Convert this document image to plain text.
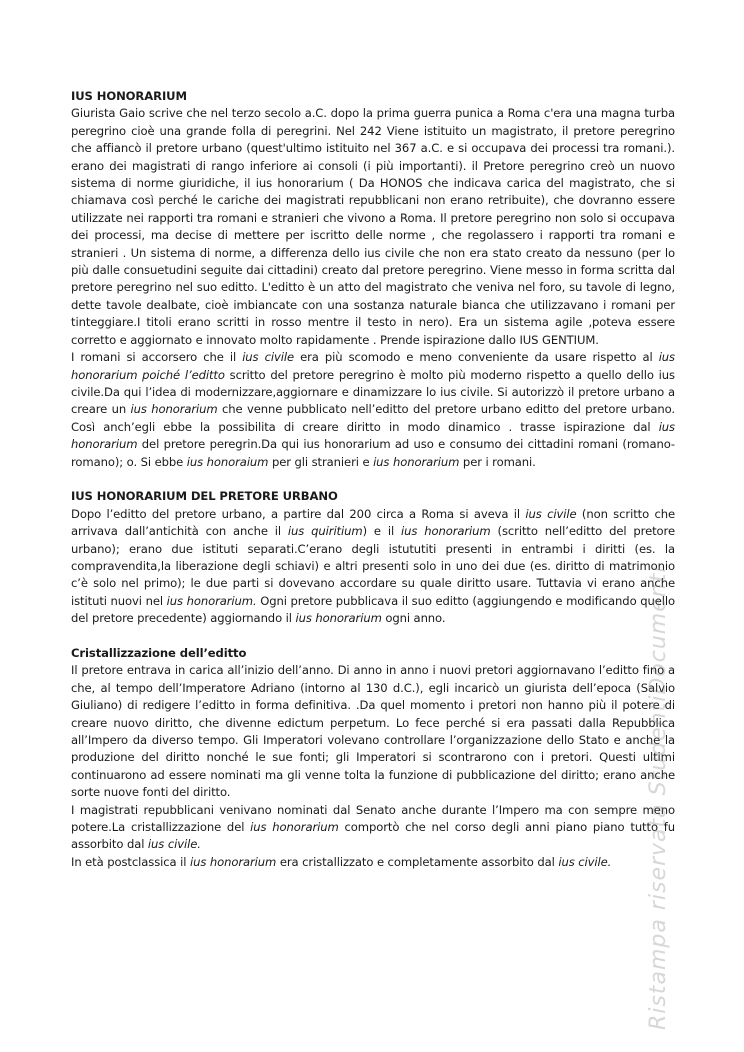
IUS HONORARIUM

Giurista Gaio scrive che nel terzo secolo a.C. dopo la prima guerra punica a Roma c'era una magna turba peregrino cioè una grande folla di peregrini. Nel 242 Viene istituito un magistrato, il pretore peregrino che affiancò il pretore urbano (quest'ultimo istituito nel 367 a.C. e si occupava dei processi tra romani.). erano dei magistrati di rango inferiore ai consoli (i più importanti). il Pretore peregrino creò un nuovo sistema di norme giuridiche, il ius honorarium ( Da HONOS che indicava carica del magistrato, che si chiamava così perché le cariche dei magistrati repubblicani non erano retribuite), che dovranno essere utilizzate nei rapporti tra romani e stranieri che vivono a Roma. Il pretore peregrino non solo si occupava dei processi, ma decise di mettere per iscritto delle norme , che regolassero i rapporti tra romani e stranieri . Un sistema di norme, a differenza dello ius civile che non era stato creato da nessuno (per lo più dalle consuetudini seguite dai cittadini) creato dal pretore peregrino. Viene messo in forma scritta dal pretore peregrino nel suo editto. L'editto è un atto del magistrato che veniva nel foro, su tavole di legno, dette tavole dealbate, cioè imbiancate con una sostanza naturale bianca che utilizzavano i romani per tinteggiare.I titoli erano scritti in rosso mentre il testo in nero). Era un sistema agile ,poteva essere corretto e aggiornato e innovato molto rapidamente . Prende ispirazione dallo IUS GENTIUM.

I romani si accorsero che il ius civile era più scomodo e meno conveniente da usare rispetto al ius honorarium poiché l’editto scritto del pretore peregrino è molto più moderno rispetto a quello dello ius civile.Da qui l’idea di modernizzare,aggiornare e dinamizzare lo ius civile. Si autorizzò il pretore urbano a creare un ius honorarium che venne pubblicato nell’editto del pretore urbano editto del pretore urbano. Così anch’egli ebbe la possibilita di creare diritto in modo dinamico . trasse ispirazione dal ius honorarium del pretore peregrin.Da qui ius honorarium ad uso e consumo dei cittadini romani (romano-romano); o. Si ebbe ius honoraium per gli stranieri e ius honorarium per i romani.

IUS HONORARIUM DEL PRETORE URBANO

Dopo l’editto del pretore urbano, a partire dal 200 circa a Roma si aveva il ius civile (non scritto che arrivava dall’antichità con anche il ius quiritium) e il ius honorarium (scritto nell’editto del pretore urbano); erano due istituti separati.C’erano degli istututiti presenti in entrambi i diritti (es. la compravendita,la liberazione degli schiavi) e altri presenti solo in uno dei due (es. diritto di matrimonio c’è solo nel primo); le due parti si dovevano accordare su quale diritto usare. Tuttavia vi erano anche istituti nuovi nel ius honorarium. Ogni pretore pubblicava il suo editto (aggiungendo e modificando quello del pretore precedente) aggiornando il ius honorarium ogni anno.

Cristallizzazione dell’editto

Il pretore entrava in carica all’inizio dell’anno. Di anno in anno i nuovi pretori aggiornavano l’editto fino a che, al tempo dell’Imperatore Adriano (intorno al 130 d.C.), egli incaricò un giurista dell’epoca (Salvio Giuliano) di redigere l’editto in forma definitiva. .Da quel momento i pretori non hanno più il potere di creare nuovo diritto, che divenne edictum perpetum. Lo fece perché si era passati dalla Repubblica all’Impero da diverso tempo. Gli Imperatori volevano controllare l’organizzazione dello Stato e anche la produzione del diritto nonché le sue fonti; gli Imperatori si scontrarono con i pretori. Questi ultimi continuarono ad essere nominati ma gli venne tolta la funzione di pubblicazione del diritto; erano anche sorte nuove fonti del diritto.

I magistrati repubblicani venivano nominati dal Senato anche durante l’Impero ma con sempre meno potere.La cristallizzazione del ius honorarium comportò che nel corso degli anni piano piano tutto fu assorbito dal ius civile.

In età postclassica il ius honorarium era cristallizzato e completamente assorbito dal ius civile.	Ristampa riservata StudentiDocumenti
